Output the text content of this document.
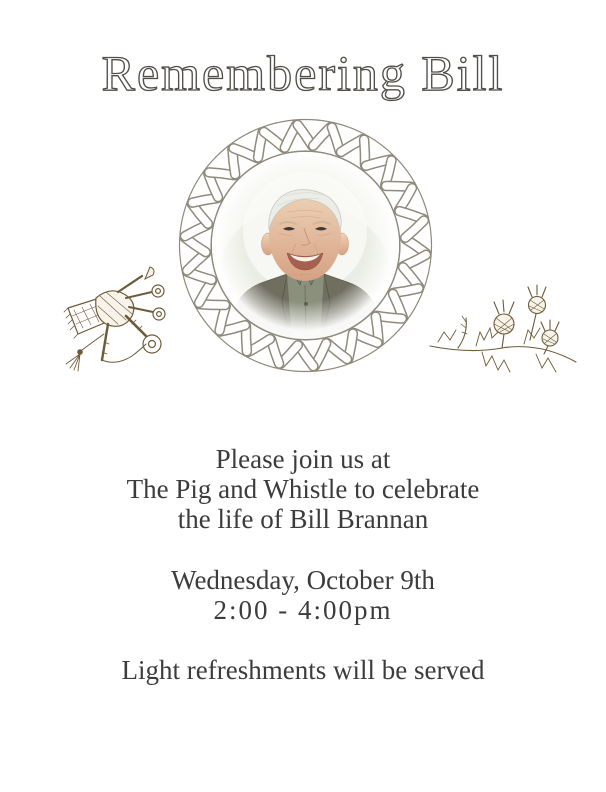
Remembering Bill
Please join us at
The Pig and Whistle to celebrate
the life of Bill Brannan
Wednesday, October 9th
2:00 - 4:00pm
Light refreshments will be served
